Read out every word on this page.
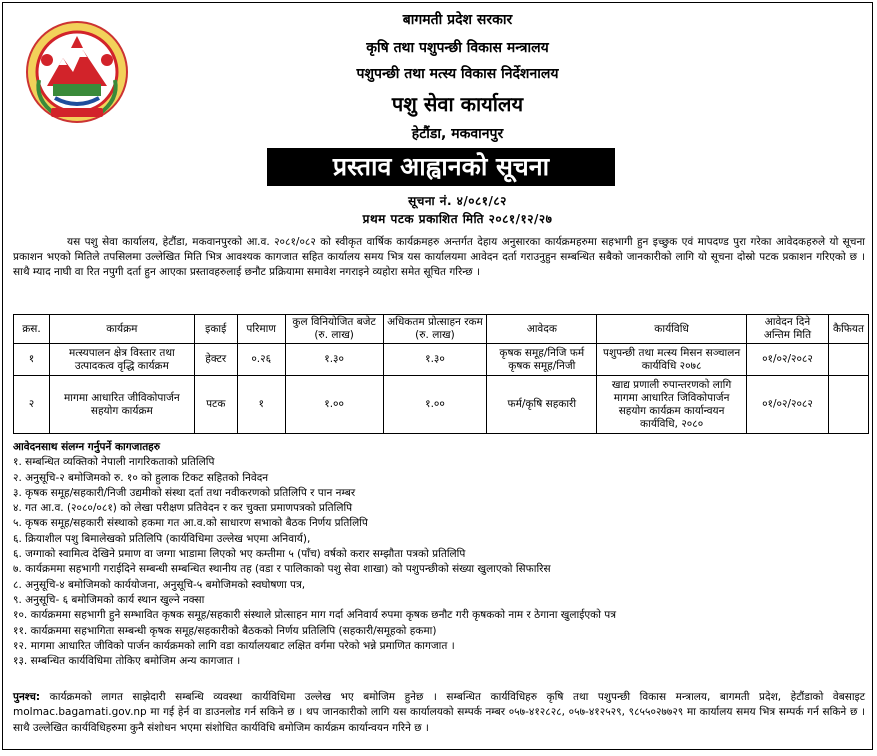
बागमती प्रदेश सरकार
कृषि तथा पशुपन्छी विकास मन्त्रालय
पशुपन्छी तथा मत्स्य विकास निर्देशनालय
पशु सेवा कार्यालय
हेटौंडा, मकवानपुर
प्रस्ताव आह्वानको सूचना
सूचना नं. ४/०८१/८२
प्रथम पटक प्रकाशित मिति २०८१/१२/२७

यस पशु सेवा कार्यालय, हेटौंडा, मकवानपुरको आ.व. २०८१/०८२ को स्वीकृत वार्षिक कार्यक्रमहरु अन्तर्गत देहाय अनुसारका कार्यक्रमहरुमा सहभागी हुन इच्छुक एवं मापदण्ड पुरा गरेका आवेदकहरुले यो सूचना प्रकाशन भएको मितिले तपसिलमा उल्लेखित मिति भित्र आवश्यक कागजात सहित कार्यालय समय भित्र यस कार्यालयमा आवेदन दर्ता गराउनुहुन सम्बन्धित सबैको जानकारीको लागि यो सूचना दोस्रो पटक प्रकाशन गरिएको छ । साथै म्याद नाघी वा रित नपुगी दर्ता हुन आएका प्रस्तावहरुलाई छनौट प्रक्रियामा समावेश नगराइने व्यहोरा समेत सूचित गरिन्छ ।

क्रस.	कार्यक्रम	इकाई	परिमाण	कुल विनियोजित बजेट (रु. लाख)	अधिकतम प्रोत्साहन रकम (रु. लाख)	आवेदक	कार्यविधि	आवेदन दिने अन्तिम मिति	कैफियत
१	मत्स्यपालन क्षेत्र विस्तार तथा उत्पादकत्व वृद्धि कार्यक्रम	हेक्टर	०.२६	१.३०	१.३०	कृषक समूह/निजि फर्म कृषक समूह/निजी	पशुपन्छी तथा मत्स्य मिसन सञ्चालन कार्यविधि २०७८	०१/०२/२०८२	
२	मागमा आधारित जीविकोपार्जन सहयोग कार्यक्रम	पटक	१	१.००	१.००	फर्म/कृषि सहकारी	खाद्य प्रणाली रुपान्तरणको लागि मागमा आधारित जिविकोपार्जन सहयोग कार्यक्रम कार्यान्वयन कार्यविधि, २०८०	०१/०२/२०८२	
आवेदनसाथ संलग्न गर्नुपर्ने कागजातहरु
१. सम्बन्धित व्यक्तिको नेपाली नागरिकताको प्रतिलिपि
२. अनुसूचि-२ बमोजिमको रु. १० को हुलाक टिकट सहितको निवेदन
३. कृषक समूह/सहकारी/निजी उद्यमीको संस्था दर्ता तथा नवीकरणको प्रतिलिपि र पान नम्बर
४. गत आ.व. (२०८०/०८१) को लेखा परीक्षण प्रतिवेदन र कर चुक्ता प्रमाणपत्रको प्रतिलिपि
५. कृषक समूह/सहकारी संस्थाको हकमा गत आ.व.को साधारण सभाको बैठक निर्णय प्रतिलिपि
६. क्रियाशील पशु बिमालेखको प्रतिलिपि (कार्यविधिमा उल्लेख भएमा अनिवार्य),
६. जग्गाको स्वामित्व देखिने प्रमाण वा जग्गा भाडामा लिएको भए कम्तीमा ५ (पाँच) वर्षको करार सम्झौता पत्रको प्रतिलिपि
७. कार्यक्रममा सहभागी गराईदिने सम्बन्धी सम्बन्धित स्थानीय तह (वडा र पालिकाको पशु सेवा शाखा) को पशुपन्छीको संख्या खुलाएको सिफारिस
८. अनुसूचि-४ बमोजिमको कार्ययोजना, अनुसूचि-५ बमोजिमको स्वघोषणा पत्र,
९. अनुसूचि- ६ बमोजिमको कार्य स्थान खुल्ने नक्सा
१०. कार्यक्रममा सहभागी हुने सम्भावित कृषक समूह/सहकारी संस्थाले प्रोत्साहन माग गर्दा अनिवार्य रुपमा कृषक छनौट गरी कृषकको नाम र ठेगाना खुलाईएको पत्र
११. कार्यक्रममा सहभागिता सम्बन्धी कृषक समूह/सहकारीको बैठकको निर्णय प्रतिलिपि (सहकारी/समूहको हकमा)
१२. मागमा आधारित जीविको पार्जन कार्यक्रमको लागि वडा कार्यालयबाट लक्षित वर्गमा परेको भन्ने प्रमाणित कागजात ।
१३. सम्बन्धित कार्यविधिमा तोकिए बमोजिम अन्य कागजात ।
पुनश्च: कार्यक्रमको लागत साझेदारी सम्बन्धि व्यवस्था कार्यविधिमा उल्लेख भए बमोजिम हुनेछ । सम्बन्धित कार्यविधिहरु कृषि तथा पशुपन्छी विकास मन्त्रालय, बागमती प्रदेश, हेटौंडाको वेबसाइट molmac.bagamati.gov.np मा गई हेर्न वा डाउनलोड गर्न सकिने छ । थप जानकारीको लागि यस कार्यालयको सम्पर्क नम्बर ०५७-४१२८२८, ०५७-४१२५२९, ९८५५०२७७२९ मा कार्यालय समय भित्र सम्पर्क गर्न सकिने छ । साथै उल्लेखित कार्यविधिहरुमा कुनै संशोधन भएमा संशोधित कार्यविधि बमोजिम कार्यक्रम कार्यान्वयन गरिने छ ।
